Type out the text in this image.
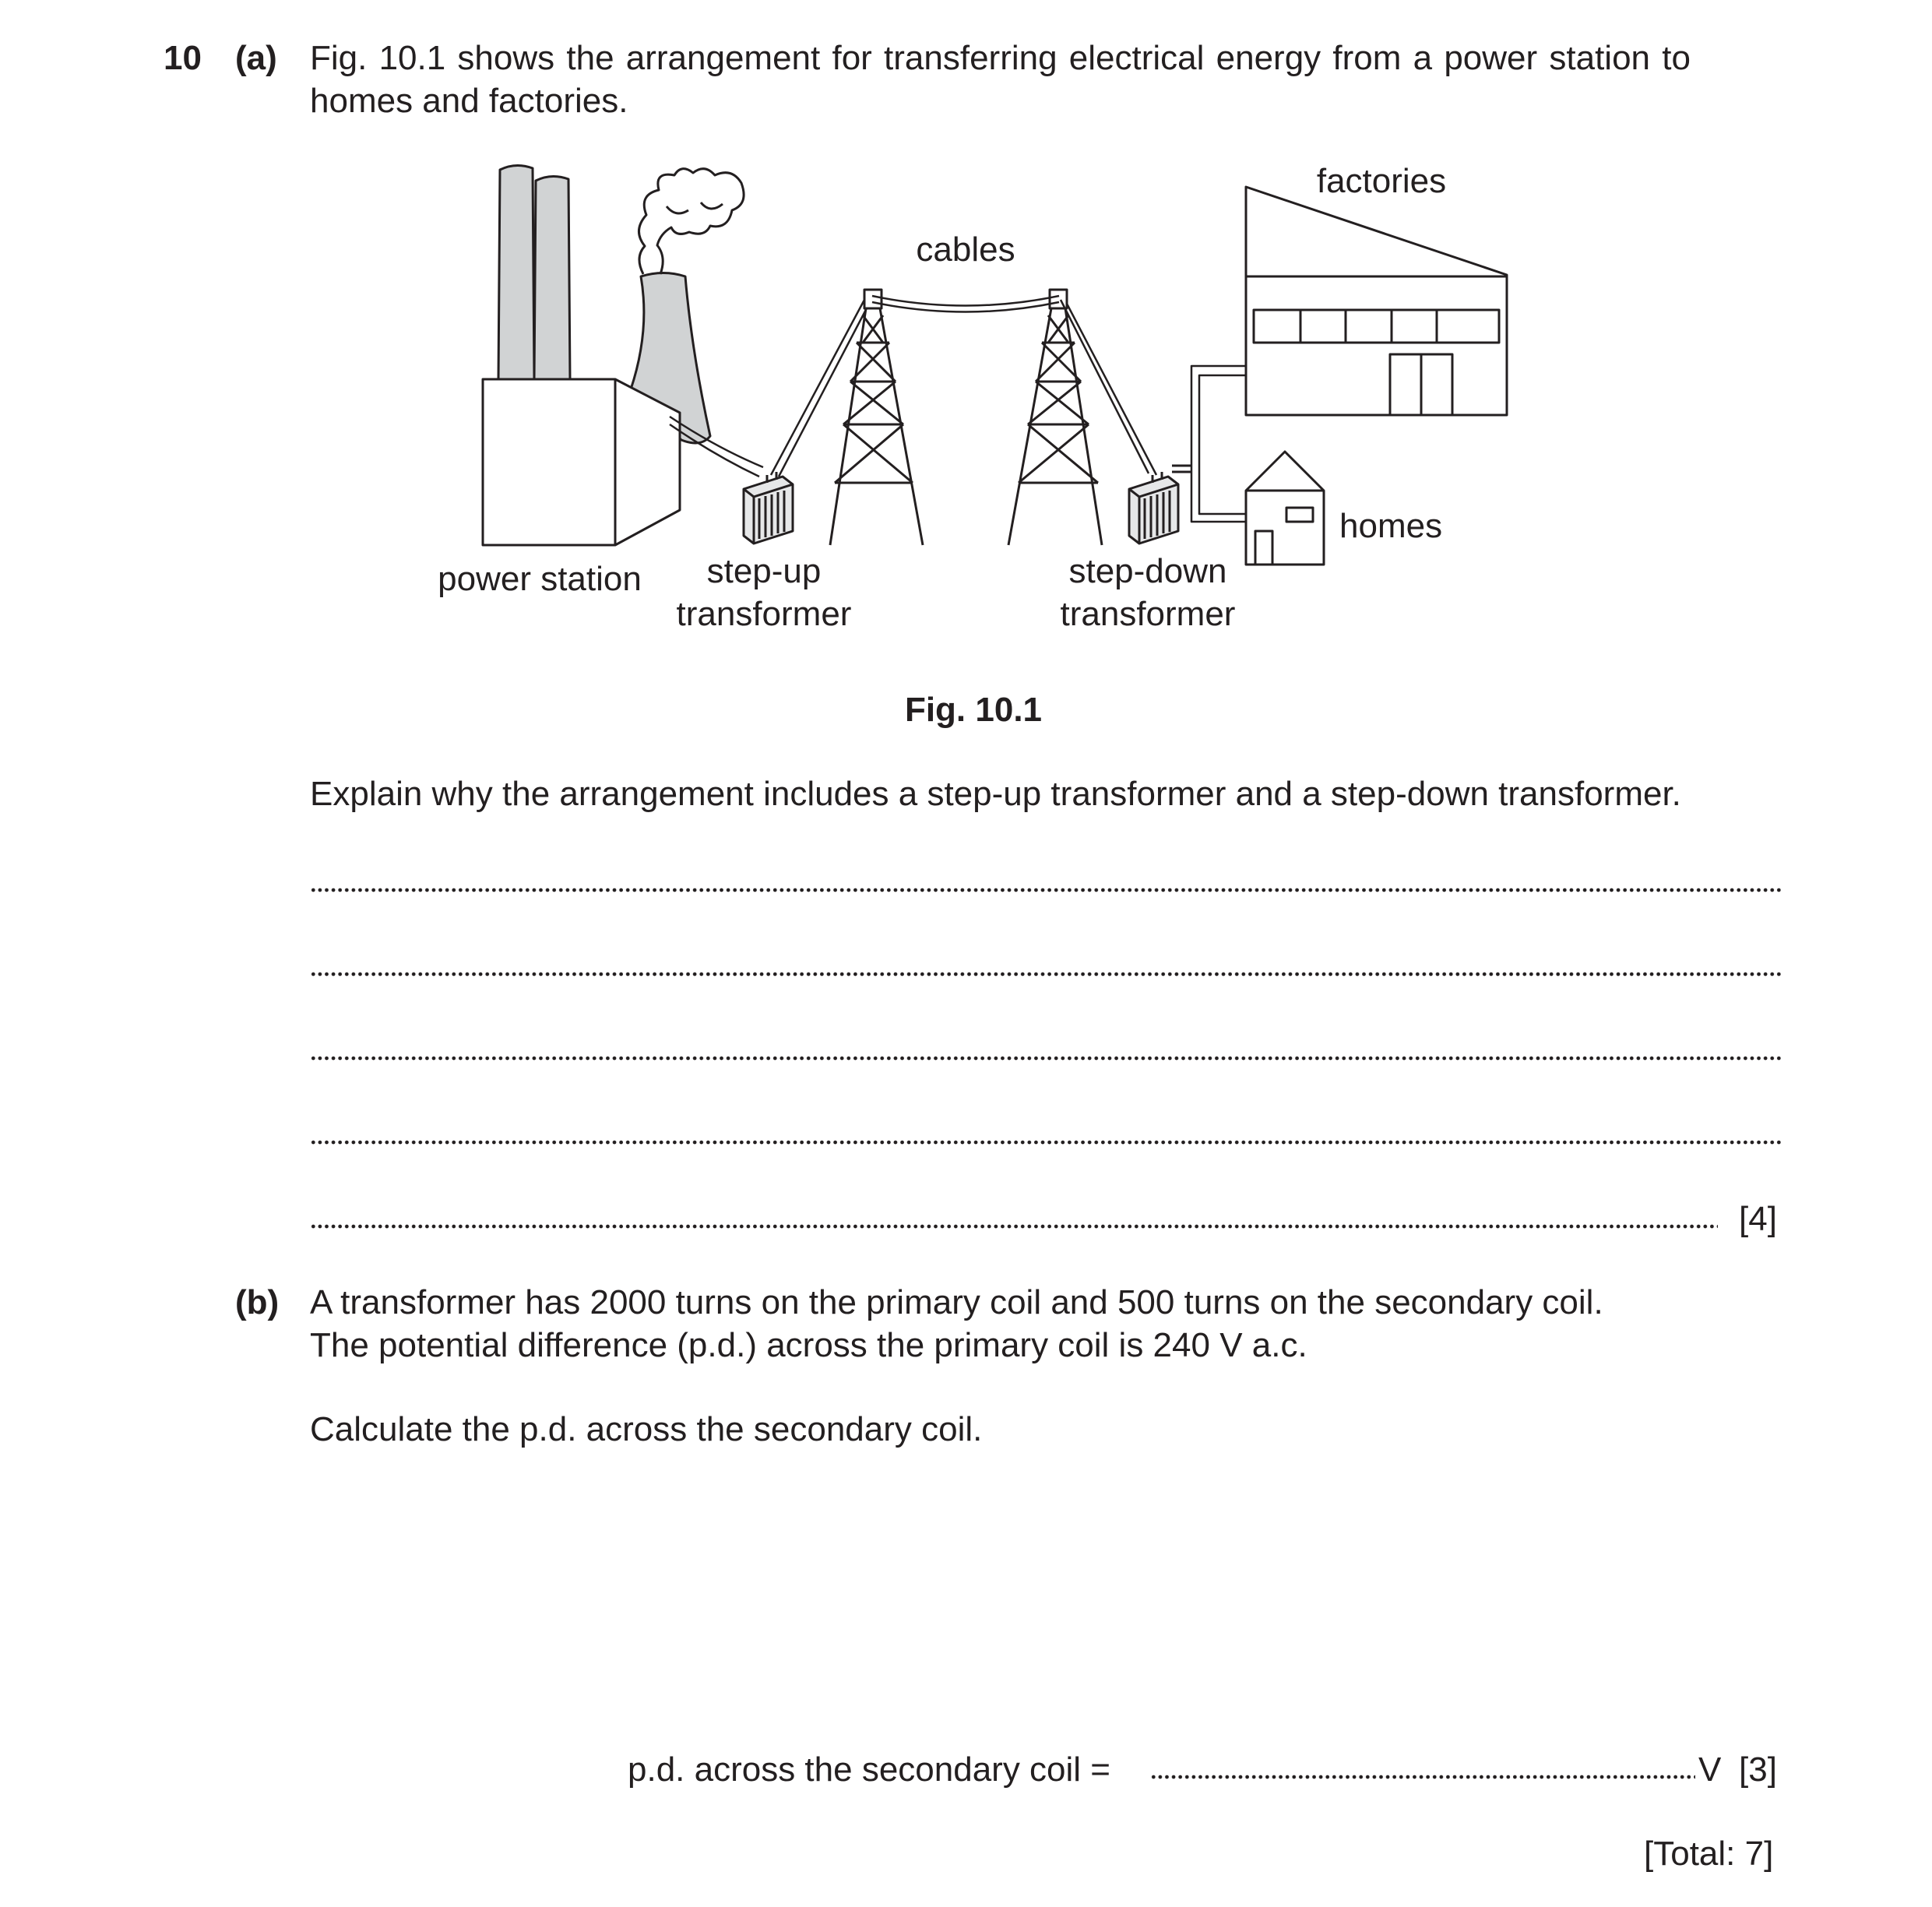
10 (a) Fig. 10.1 shows the arrangement for transferring electrical energy from a power station to
homes and factories.
factories
cables
homes
power station step-up
transformer
step-down
transformer
Fig. 10.1
Explain why the arrangement includes a step-up transformer and a step-down transformer.
[4]
(b) A transformer has 2000 turns on the primary coil and 500 turns on the secondary coil.
The potential difference (p.d.) across the primary coil is 240 V a.c.
Calculate the p.d. across the secondary coil.
p.d. across the secondary coil =	V [3]
[Total: 7]
